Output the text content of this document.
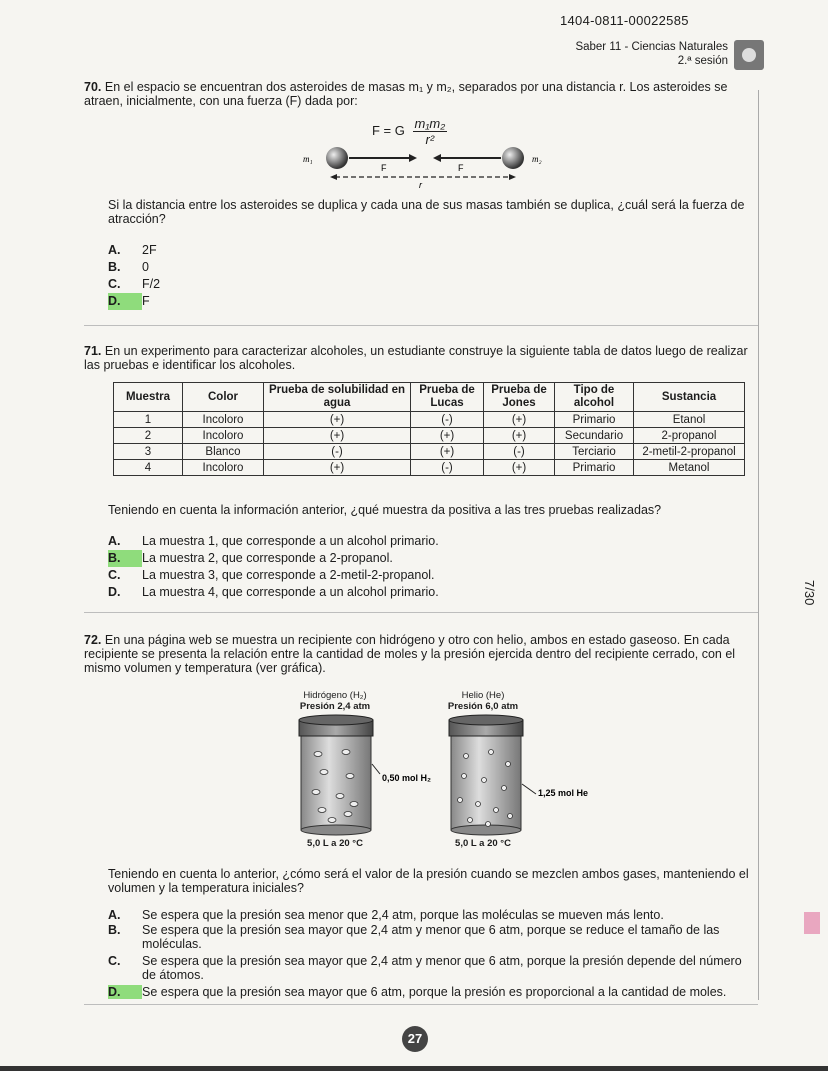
1404-0811-00022585
Saber 11 - Ciencias Naturales
2.ª sesión
70. En el espacio se encuentran dos asteroides de masas m₁ y m₂, separados por una distancia r. Los asteroides se atraen, inicialmente, con una fuerza (F) dada por:
F = G $\frac{\text{m₁m₂}}{\text{r²}}$
m₁	m₂
F	F
r
Si la distancia entre los asteroides se duplica y cada una de sus masas también se duplica, ¿cuál será la fuerza de atracción?
A. 2F
B. 0
C. F/2
D. F
71. En un experimento para caracterizar alcoholes, un estudiante construye la siguiente tabla de datos luego de realizar las pruebas e identificar los alcoholes.
Muestra	Color	Prueba de solubilidad en agua	Prueba de Lucas	Prueba de Jones	Tipo de alcohol	Sustancia
1	Incoloro	(+)	(-)	(+)	Primario	Etanol
2	Incoloro	(+)	(+)	(+)	Secundario	2-propanol
3	Blanco	(-)	(+)	(-)	Terciario	2-metil-2-propanol
4	Incoloro	(+)	(-)	(+)	Primario	Metanol
Teniendo en cuenta la información anterior, ¿qué muestra da positiva a las tres pruebas realizadas?
A. La muestra 1, que corresponde a un alcohol primario.
B. La muestra 2, que corresponde a 2-propanol.
C. La muestra 3, que corresponde a 2-metil-2-propanol.
D. La muestra 4, que corresponde a un alcohol primario.
72. En una página web se muestra un recipiente con hidrógeno y otro con helio, ambos en estado gaseoso. En cada recipiente se presenta la relación entre la cantidad de moles y la presión ejercida dentro del recipiente cerrado, con el mismo volumen y temperatura (ver gráfica).
Hidrógeno (H₂)
Presión 2,4 atm
Helio (He)
Presión 6,0 atm
0,50 mol H₂
1,25 mol He
5,0 L a 20 °C	5,0 L a 20 °C
Teniendo en cuenta lo anterior, ¿cómo será el valor de la presión cuando se mezclen ambos gases, manteniendo el volumen y la temperatura iniciales?
A.	Se espera que la presión sea menor que 2,4 atm, porque las moléculas se mueven más lento.
B.	Se espera que la presión sea mayor que 2,4 atm y menor que 6 atm, porque se reduce el tamaño de las moléculas.
C.	Se espera que la presión sea mayor que 2,4 atm y menor que 6 atm, porque la presión depende del número de átomos.
D.	Se espera que la presión sea mayor que 6 atm, porque la presión es proporcional a la cantidad de moles.
7/30
27
